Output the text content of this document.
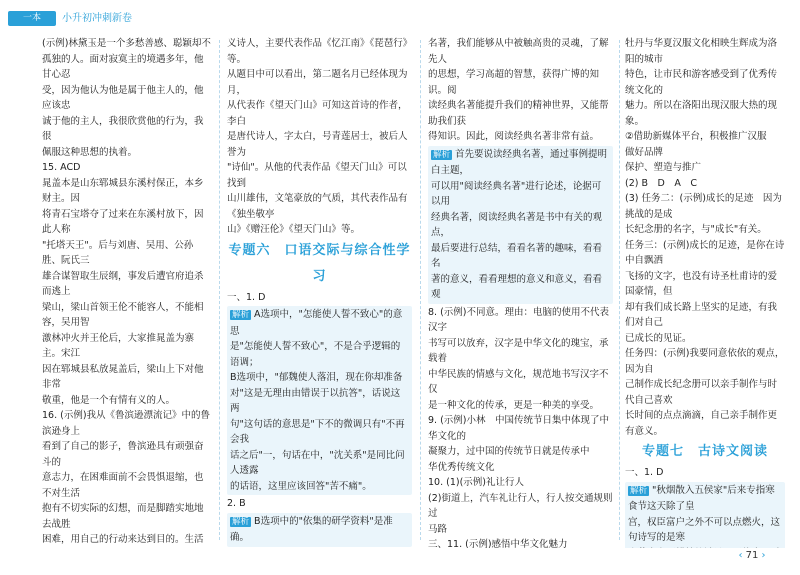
一本	小升初冲刺新卷

(示例)林黛玉是一个多愁善感、聪颖却不

孤独的人。面对寂寞主的境遇多年，他甘心忍

受，因为他认为他是属于他主人的，他应该忠

诚于他的主人，我很欣赏他的行为，我很

佩服这种思想的执着。

15. ACD

晁盖本是山东郓城县东溪村保正，本乡财主。因

将青石宝塔夺了过来在东溪村放下，因此人称

"托塔天王"。后与刘唐、吴用、公孙胜、阮氏三

雄合谋智取生辰纲，事发后遭官府追杀而逃上

梁山，梁山首领王伦不能容人，不能相容，吴用智

激林冲火并王伦后，大家推晁盖为寨主。宋江

因在郓城县私放晁盖后，梁山上下对他非常

敬重，他是一个有情有义的人。

16. (示例)我从《鲁滨逊漂流记》中的鲁滨逊身上

看到了自己的影子，鲁滨逊具有顽强奋斗的

意志力，在困难面前不会畏惧退缩，也不对生活

抱有不切实际的幻想，而是脚踏实地地去战胜

困难，用自己的行动来达到目的。生活

义诗人，主要代表作品《忆江南》《琵琶行》等。

从题目中可以看出，第二题名月已经体现为月，

从代表作《望天门山》可知这首诗的作者，李白

是唐代诗人，字太白，号青莲居士，被后人誉为

"诗仙"。从他的代表作品《望天门山》可以找到

山川雄伟，文笔豪放的气质，其代表作品有《独坐敬亭

山》《赠汪伦》《望天门山》等。

专题六　口语交际与综合性学习

一、1. D

解析 A选项中，"怎能使人誓不致心"的意思

是"怎能使人誓不致心"，不是合乎逻辑的语调；

B选项中，"郁魏使人落泪，现在你却准备

对"这是无理由由错误于以抗答"，话说这两

句"这句话的意思是"下不的微调只有"不再会我

话之后"一，句话在中，"沈关系"是同比问人透露

的话语，这里应该回答"苦不痛"。

2. B

解析 B选项中的"依集的研学资料"是准确。

名著，我们能够从中被触高贵的灵魂，了解先人

的思想，学习高超的智慧，获得广博的知识。阅

读经典名著能提升我们的精神世界，又能帮助我们获

得知识。因此，阅读经典名著非常有益。

解析 首先要说读经典名著，通过事例提明白主题，

可以用"阅读经典名著"进行论述，论据可以用

经典名著，阅读经典名著是书中有关的观点，

最后要进行总结，看看名著的趣味，看看名

著的意义，看看理想的意义和意义，看看观

8. (示例)不同意。理由：电脑的使用不代表汉字

书写可以放弃，汉字是中华文化的瑰宝，承载着

中华民族的情感与文化，规范地书写汉字不仅

是一种文化的传承，更是一种美的享受。

9. (示例)小林　中国传统节日集中体现了中华文化的

凝聚力，过中国的传统节日就是传承中

华优秀传统文化

10. (1)(示例)礼让行人

(2)街道上，汽车礼让行人，行人按交通规则过

马路

三、11. (示例)感悟中华文化魅力

牡丹与华夏汉服文化相映生辉成为洛阳的城市

特色，让市民和游客感受到了优秀传统文化的

魅力。所以在洛阳出现汉服大热的现象。

②借助新媒体平台，积极推广汉服　做好品牌

保护、塑造与推广

(2) B　D　A　C

(3) 任务二：(示例)成长的足迹　因为挑战的是成

长纪念册的名字，与"成长"有关。

任务三：(示例)成长的足迹，是你在诗中自飘洒

飞扬的文字，也没有诗圣杜甫诗的爱国豪情，但

却有我们成长路上坚实的足迹，有我们对自己

已成长的见证。

任务四：(示例)我要同意依依的观点，因为自

己制作成长纪念册可以亲手制作与时代自己喜欢

长时间的点点滴滴，自己亲手制作更有意义。

专题七　古诗文阅读

一、1. D

解析 "秋烟散入五侯家"后来专指寒食节这天除了皇

宫，权臣富户之外不可以点燃火，这句诗写的是寒

‹ 71 ›
